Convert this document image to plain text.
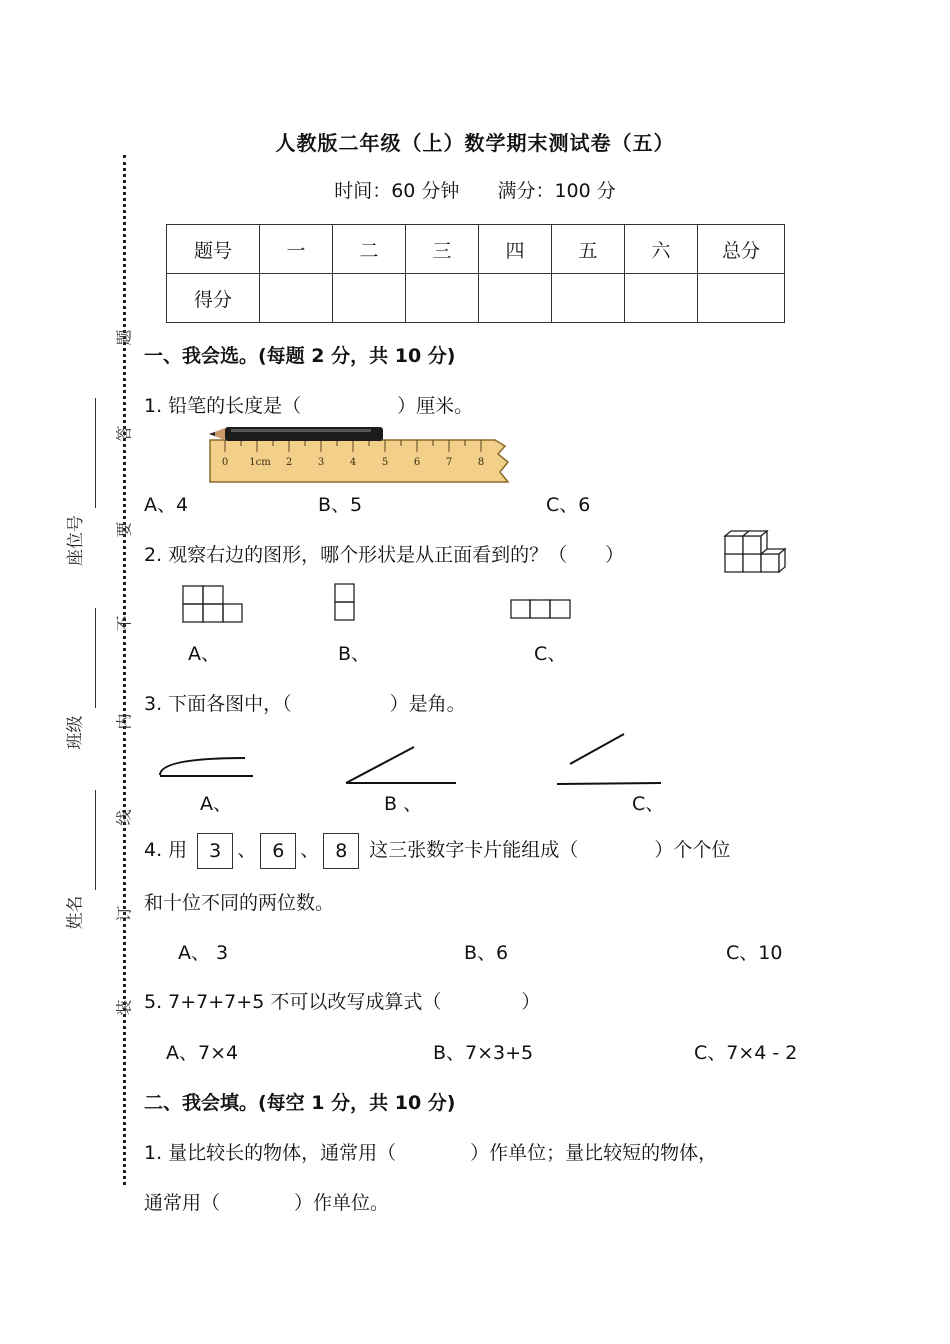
座位号
班级
姓名
题
答
要
不
内
线
订
装
人教版二年级（上）数学期末测试卷（五）
时间：60 分钟 满分：100 分
题号	一	二	三	四	五	六	总分
得分							
一、我会选。(每题 2 分，共 10 分)
1. 铅笔的长度是（	）厘米。
0 1cm 2	3	4	5	6	7	8
A、4	B、5	C、6
2. 观察右边的图形，哪个形状是从正面看到的？（ ）
A、	B、	C、
3. 下面各图中，（	）是角。
A、	B 、	C、
4. 用 3 、 6 、 8 这三张数字卡片能组成（	）个个位
和十位不同的两位数。
A、 3	B、6	C、10
5. 7+7+7+5 不可以改写成算式（	）
A、7×4	B、7×3+5	C、7×4 - 2
二、我会填。(每空 1 分，共 10 分)
1. 量比较长的物体，通常用（	）作单位；量比较短的物体，
通常用（	）作单位。
